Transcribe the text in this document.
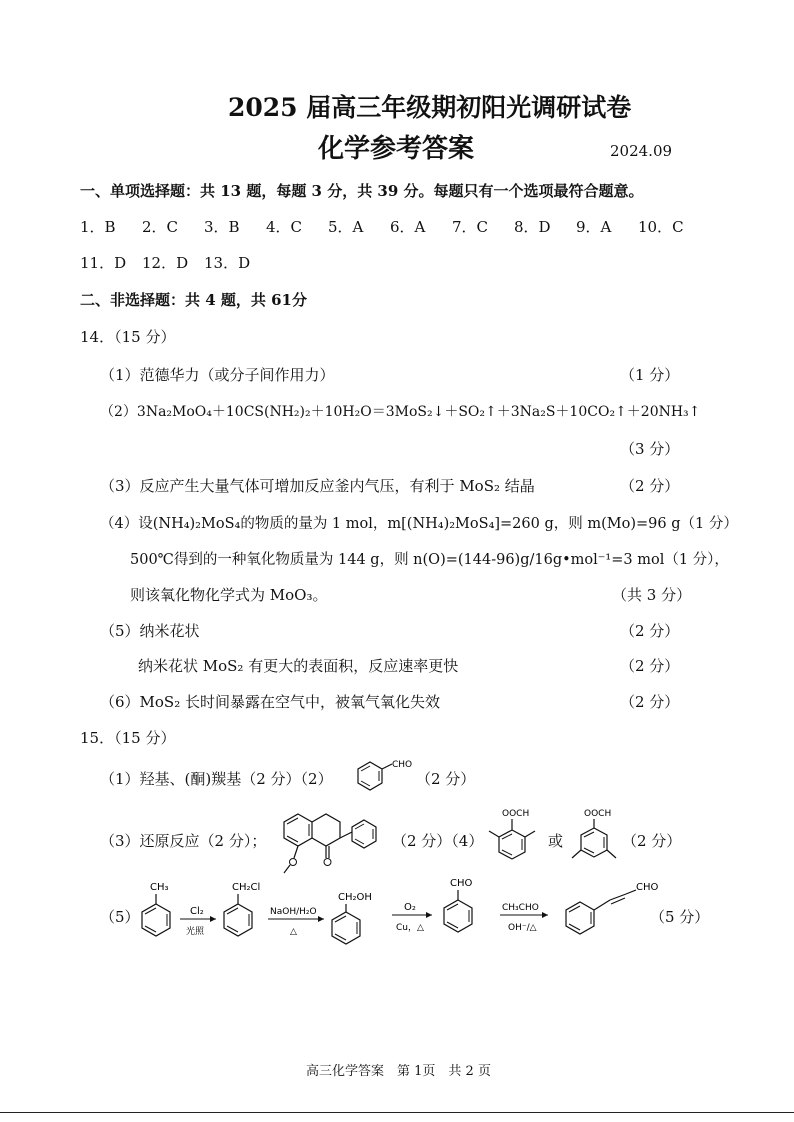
2025 届高三年级期初阳光调研试卷
化学参考答案	2024.09
一、单项选择题：共 13 题，每题 3 分，共 39 分。每题只有一个选项最符合题意。
1．B 2．C 3．B 4．C 5．A 6．A 7．C 8．D 9．A 10．C
11．D 12．D 13．D
二、非选择题：共 4 题，共 61分
14．（15 分）
（1）范德华力（或分子间作用力）	（1 分）
（2）3Na₂MoO₄＋10CS(NH₂)₂＋10H₂O＝3MoS₂↓＋SO₂↑＋3Na₂S＋10CO₂↑＋20NH₃↑
（3 分）
（3）反应产生大量气体可增加反应釜内气压，有利于 MoS₂ 结晶	（2 分）
（4）设(NH₄)₂MoS₄的物质的量为 1 mol，m[(NH₄)₂MoS₄]=260 g，则 m(Mo)=96 g（1 分）
500℃得到的一种氧化物质量为 144 g，则 n(O)=(144-96)g/16g•mol⁻¹=3 mol（1 分），
则该氧化物化学式为 MoO₃。	（共 3 分）
（5）纳米花状	（2 分）
纳米花状 MoS₂ 有更大的表面积，反应速率更快	（2 分）
（6）MoS₂ 长时间暴露在空气中，被氧气氧化失效	（2 分）
15．（15 分）
（1）羟基、(酮)羰基（2 分）（2）
CHO
（2 分）
（3）还原反应（2 分）；	（2 分）（4）
OOCH
或
OOCH
（2 分）
（5）
CH₃
Cl₂
光照
CH₂Cl
NaOH/H₂O
△
CH₂OH
O₂
Cu，△
CHO
CH₃CHO
OH⁻/△
CHO
（5 分）
高三化学答案　第 1页　共 2 页
